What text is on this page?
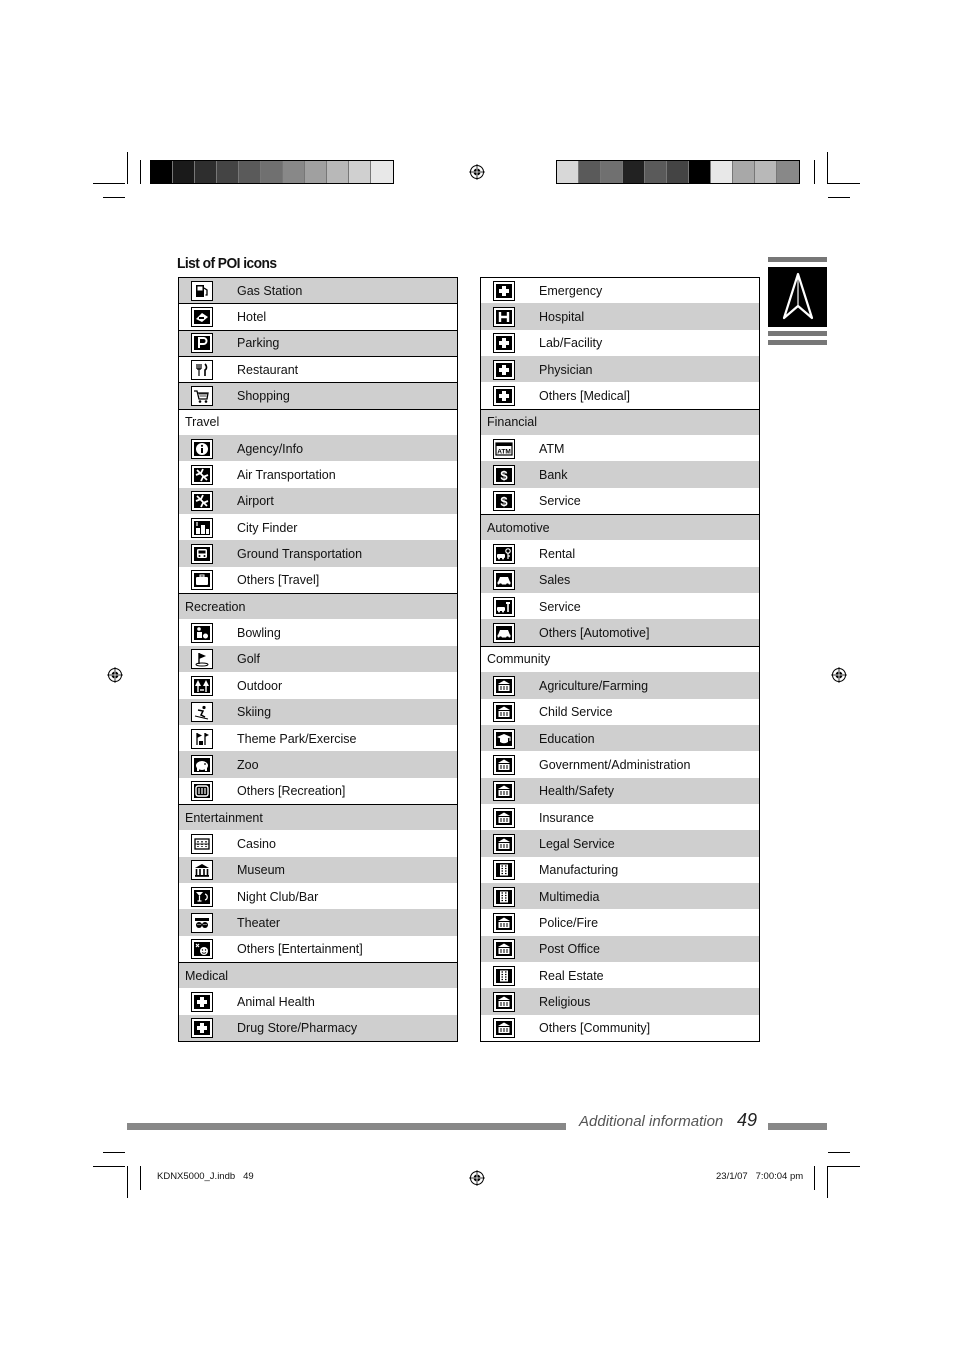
List of POI icons
Gas Station
Hotel
Parking
Restaurant
Shopping
Travel
Agency/Info
Air Transportation
Airport
City Finder
Ground Transportation
Others [Travel]
Recreation
Bowling
Golf
Outdoor
Skiing
Theme Park/Exercise
Zoo
Others [Recreation]
Entertainment
Casino
Museum
Night Club/Bar
Theater
Others [Entertainment]
Medical
Animal Health
Drug Store/Pharmacy
Emergency
Hospital
Lab/Facility
Physician
Others [Medical]
Financial
ATM ATM
$	Bank
$	Service
Automotive
Rental
Sales
Service
Others [Automotive]
Community
Agriculture/Farming
Child Service
Education
Government/Administration
Health/Safety
Insurance
Legal Service
Manufacturing
Multimedia
Police/Fire
Post Office
Real Estate
Religious
Others [Community]
Additional information 49
KDNX5000_J.indb   49	23/1/07   7:00:04 pm
